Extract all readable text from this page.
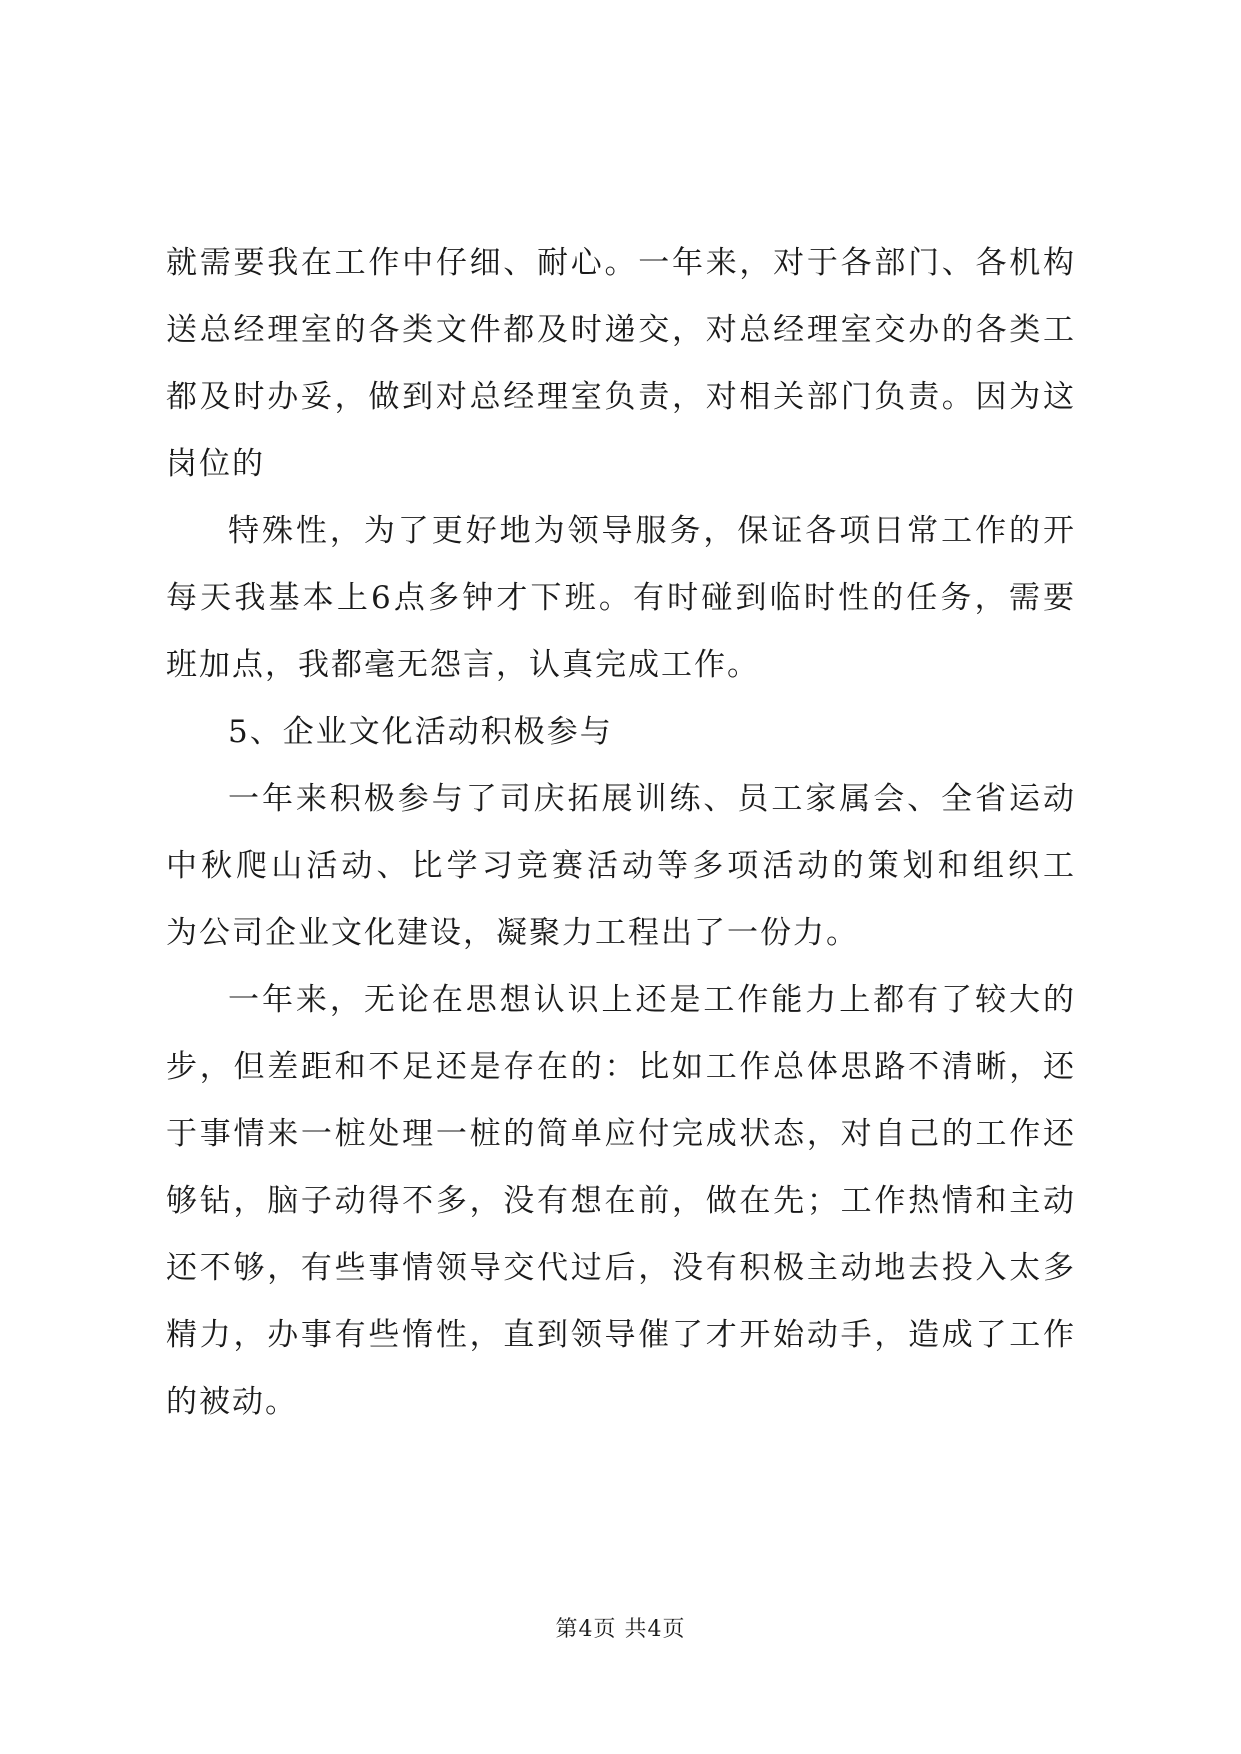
就需要我在工作中仔细、耐心。一年来，对于各部门、各机构
送总经理室的各类文件都及时递交，对总经理室交办的各类工
都及时办妥，做到对总经理室负责，对相关部门负责。因为这
岗位的
特殊性，为了更好地为领导服务，保证各项日常工作的开
每天我基本上6点多钟才下班。有时碰到临时性的任务，需要
班加点，我都毫无怨言，认真完成工作。
5、企业文化活动积极参与
一年来积极参与了司庆拓展训练、员工家属会、全省运动
中秋爬山活动、比学习竞赛活动等多项活动的策划和组织工
为公司企业文化建设，凝聚力工程出了一份力。
一年来，无论在思想认识上还是工作能力上都有了较大的
步，但差距和不足还是存在的：比如工作总体思路不清晰，还
于事情来一桩处理一桩的简单应付完成状态，对自己的工作还
够钻，脑子动得不多，没有想在前，做在先；工作热情和主动
还不够，有些事情领导交代过后，没有积极主动地去投入太多
精力，办事有些惰性，直到领导催了才开始动手，造成了工作
的被动。
第4页 共4页
